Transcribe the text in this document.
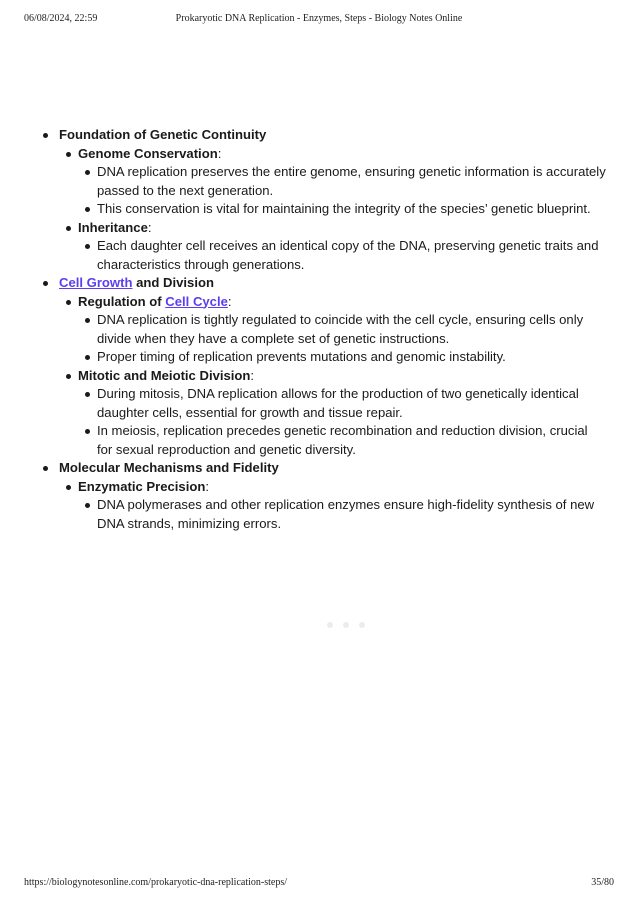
06/08/2024, 22:59	Prokaryotic DNA Replication - Enzymes, Steps - Biology Notes Online
Foundation of Genetic Continuity
Genome Conservation:
DNA replication preserves the entire genome, ensuring genetic information is accurately passed to the next generation.
This conservation is vital for maintaining the integrity of the species’ genetic blueprint.
Inheritance:
Each daughter cell receives an identical copy of the DNA, preserving genetic traits and characteristics through generations.
Cell Growth and Division
Regulation of Cell Cycle:
DNA replication is tightly regulated to coincide with the cell cycle, ensuring cells only divide when they have a complete set of genetic instructions.
Proper timing of replication prevents mutations and genomic instability.
Mitotic and Meiotic Division:
During mitosis, DNA replication allows for the production of two genetically identical daughter cells, essential for growth and tissue repair.
In meiosis, replication precedes genetic recombination and reduction division, crucial for sexual reproduction and genetic diversity.
Molecular Mechanisms and Fidelity
Enzymatic Precision:
DNA polymerases and other replication enzymes ensure high-fidelity synthesis of new DNA strands, minimizing errors.
https://biologynotesonline.com/prokaryotic-dna-replication-steps/	35/80
